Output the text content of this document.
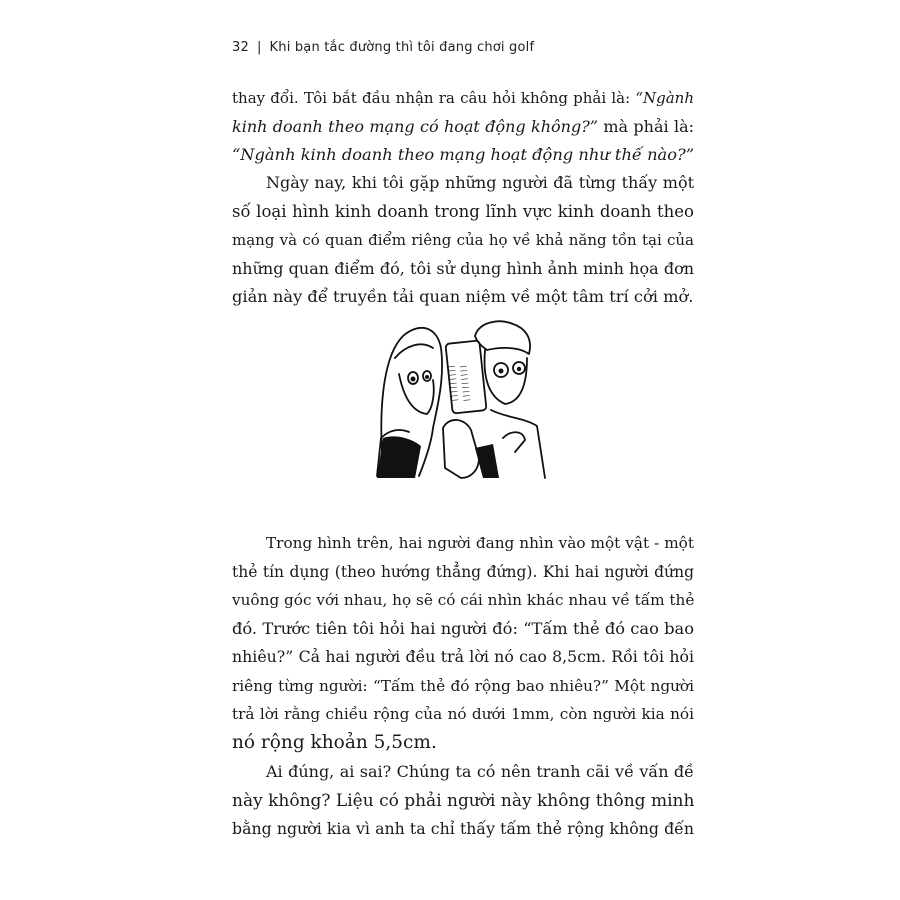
32 | Khi bạn tắc đường thì tôi đang chơi golf
thay đổi. Tôi bắt đầu nhận ra câu hỏi không phải là: “Ngành
kinh doanh theo mạng có hoạt động không?” mà phải là:
“Ngành kinh doanh theo mạng hoạt động như thế nào?”
Ngày nay, khi tôi gặp những người đã từng thấy một
số loại hình kinh doanh trong lĩnh vực kinh doanh theo
mạng và có quan điểm riêng của họ về khả năng tồn tại của
những quan điểm đó, tôi sử dụng hình ảnh minh họa đơn
giản này để truyền tải quan niệm về một tâm trí cởi mở.
||||||||| |||||||||
Trong hình trên, hai người đang nhìn vào một vật - một
thẻ tín dụng (theo hướng thẳng đứng). Khi hai người đứng
vuông góc với nhau, họ sẽ có cái nhìn khác nhau về tấm thẻ
đó. Trước tiên tôi hỏi hai người đó: “Tấm thẻ đó cao bao
nhiêu?” Cả hai người đều trả lời nó cao 8,5cm. Rồi tôi hỏi
riêng từng người: “Tấm thẻ đó rộng bao nhiêu?” Một người
trả lời rằng chiều rộng của nó dưới 1mm, còn người kia nói
nó rộng khoản 5,5cm.
Ai đúng, ai sai? Chúng ta có nên tranh cãi về vấn đề
này không? Liệu có phải người này không thông minh
bằng người kia vì anh ta chỉ thấy tấm thẻ rộng không đến
